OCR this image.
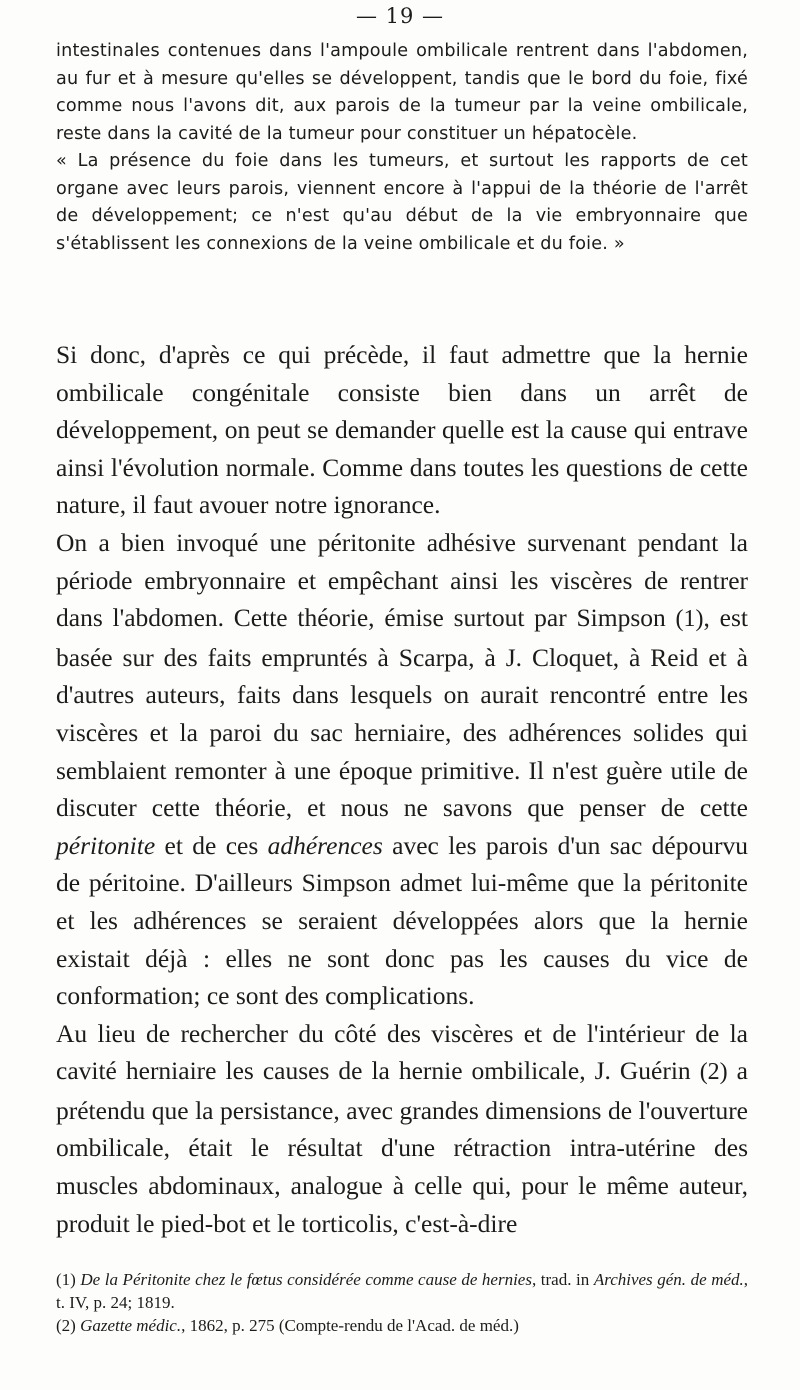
— 19 —

intestinales contenues dans l'ampoule ombilicale rentrent dans l'abdomen, au fur et à mesure qu'elles se développent, tandis que le bord du foie, fixé comme nous l'avons dit, aux parois de la tumeur par la veine ombilicale, reste dans la cavité de la tumeur pour constituer un hépatocèle.

« La présence du foie dans les tumeurs, et surtout les rapports de cet organe avec leurs parois, viennent encore à l'appui de la théorie de l'arrêt de développement; ce n'est qu'au début de la vie embryonnaire que s'établissent les connexions de la veine ombilicale et du foie. »

Si donc, d'après ce qui précède, il faut admettre que la hernie ombilicale congénitale consiste bien dans un arrêt de développement, on peut se demander quelle est la cause qui entrave ainsi l'évolution normale. Comme dans toutes les questions de cette nature, il faut avouer notre ignorance.

On a bien invoqué une péritonite adhésive survenant pendant la période embryonnaire et empêchant ainsi les viscères de rentrer dans l'abdomen. Cette théorie, émise surtout par Simpson (1), est basée sur des faits empruntés à Scarpa, à J. Cloquet, à Reid et à d'autres auteurs, faits dans lesquels on aurait rencontré entre les viscères et la paroi du sac herniaire, des adhérences solides qui semblaient remonter à une époque primitive. Il n'est guère utile de discuter cette théorie, et nous ne savons que penser de cette péritonite et de ces adhérences avec les parois d'un sac dépourvu de péritoine. D'ailleurs Simpson admet lui-même que la péritonite et les adhérences se seraient développées alors que la hernie existait déjà : elles ne sont donc pas les causes du vice de conformation; ce sont des complications.

Au lieu de rechercher du côté des viscères et de l'intérieur de la cavité herniaire les causes de la hernie ombilicale, J. Guérin (2) a prétendu que la persistance, avec grandes dimensions de l'ouverture ombilicale, était le résultat d'une rétraction intra-utérine des muscles abdominaux, analogue à celle qui, pour le même auteur, produit le pied-bot et le torticolis, c'est-à-dire

(1) De la Péritonite chez le fœtus considérée comme cause de hernies, trad. in Archives gén. de méd., t. IV, p. 24; 1819.

(2) Gazette médic., 1862, p. 275 (Compte-rendu de l'Acad. de méd.)
